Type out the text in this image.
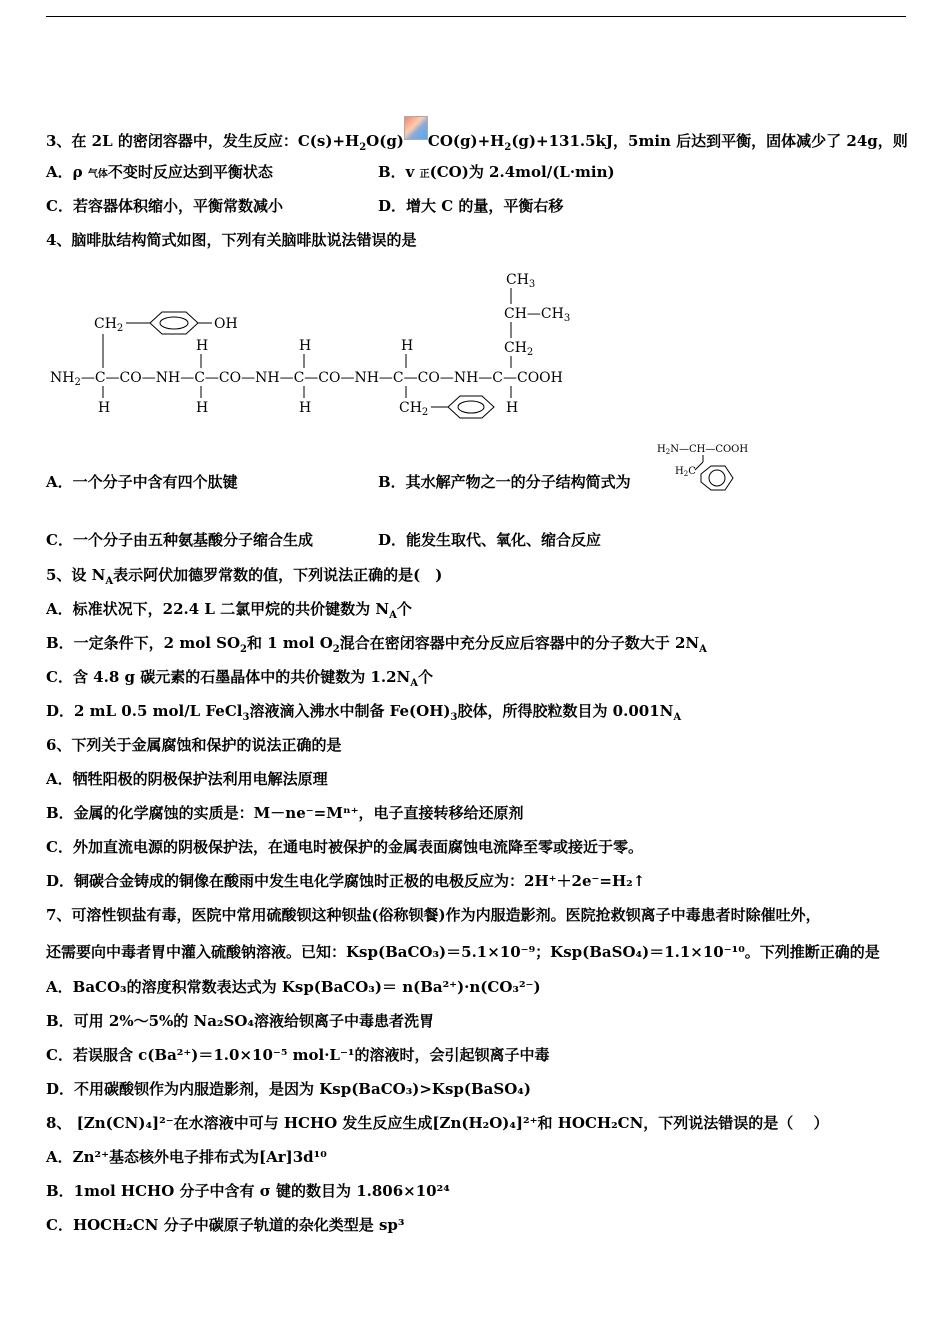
3、在 2L 的密闭容器中，发生反应：$C(s)+H_2O(g)$ $CO(g)+H_2(g)+131.5kJ$，5min 后达到平衡，固体减少了 24g，则
A．ρ 气体不变时反应达到平衡状态	B．v 正(CO)为 2.4mol/(L·min)
C．若容器体积缩小，平衡常数减小	D．增大 C 的量，平衡右移
4、脑啡肽结构简式如图，下列有关脑啡肽说法错误的是
$CH_3$
$CH—CH_3$
$CH_2$
$CH_2$	OH
H	H	H
$NH_2—C—CO—NH—C—CO—NH—C—CO—NH—C—CO—NH—C—COOH$
H	H	H	H
$CH_2$
A．一个分子中含有四个肽键	B．其水解产物之一的分子结构简式为
$H_2N—CH—COOH$
$H_2C$
C．一个分子由五种氨基酸分子缩合生成	D．能发生取代、氧化、缩合反应
5、设 $N_A$表示阿伏加德罗常数的值，下列说法正确的是(　)
A．标准状况下，22.4 L 二氯甲烷的共价键数为 $N_A$个
B．一定条件下，2 mol $SO_2$和 1 mol $O_2$混合在密闭容器中充分反应后容器中的分子数大于 $2N_A$
C．含 4.8 g 碳元素的石墨晶体中的共价键数为 $1.2N_A$个
D．2 mL 0.5 mol/L FeCl$_3$溶液滴入沸水中制备 $Fe(OH)_3$胶体，所得胶粒数目为 $0.001N_A$
6、下列关于金属腐蚀和保护的说法正确的是
A．牺牲阳极的阴极保护法利用电解法原理
B．金属的化学腐蚀的实质是：M－ne⁻=Mⁿ⁺，电子直接转移给还原剂
C．外加直流电源的阴极保护法，在通电时被保护的金属表面腐蚀电流降至零或接近于零。
D．铜碳合金铸成的铜像在酸雨中发生电化学腐蚀时正极的电极反应为：2H⁺＋2e⁻=H₂↑
7、可溶性钡盐有毒，医院中常用硫酸钡这种钡盐(俗称钡餐)作为内服造影剂。医院抢救钡离子中毒患者时除催吐外，
还需要向中毒者胃中灌入硫酸钠溶液。已知：Ksp(BaCO₃)＝5.1×10⁻⁹；Ksp(BaSO₄)＝1.1×10⁻¹⁰。下列推断正确的是
A．BaCO₃的溶度积常数表达式为 Ksp(BaCO₃)＝ n(Ba²⁺)·n(CO₃²⁻)
B．可用 2%～5%的 Na₂SO₄溶液给钡离子中毒患者洗胃
C．若误服含 c(Ba²⁺)＝1.0×10⁻⁵ mol·L⁻¹的溶液时，会引起钡离子中毒
D．不用碳酸钡作为内服造影剂，是因为 Ksp(BaCO₃)>Ksp(BaSO₄)
8、 [Zn(CN)₄]²⁻在水溶液中可与 HCHO 发生反应生成[Zn(H₂O)₄]²⁺和 HOCH₂CN，下列说法错误的是（　 ）
A．Zn²⁺基态核外电子排布式为[Ar]3d¹⁰
B．1mol HCHO 分子中含有 σ 键的数目为 1.806×10²⁴
C．HOCH₂CN 分子中碳原子轨道的杂化类型是 sp³
